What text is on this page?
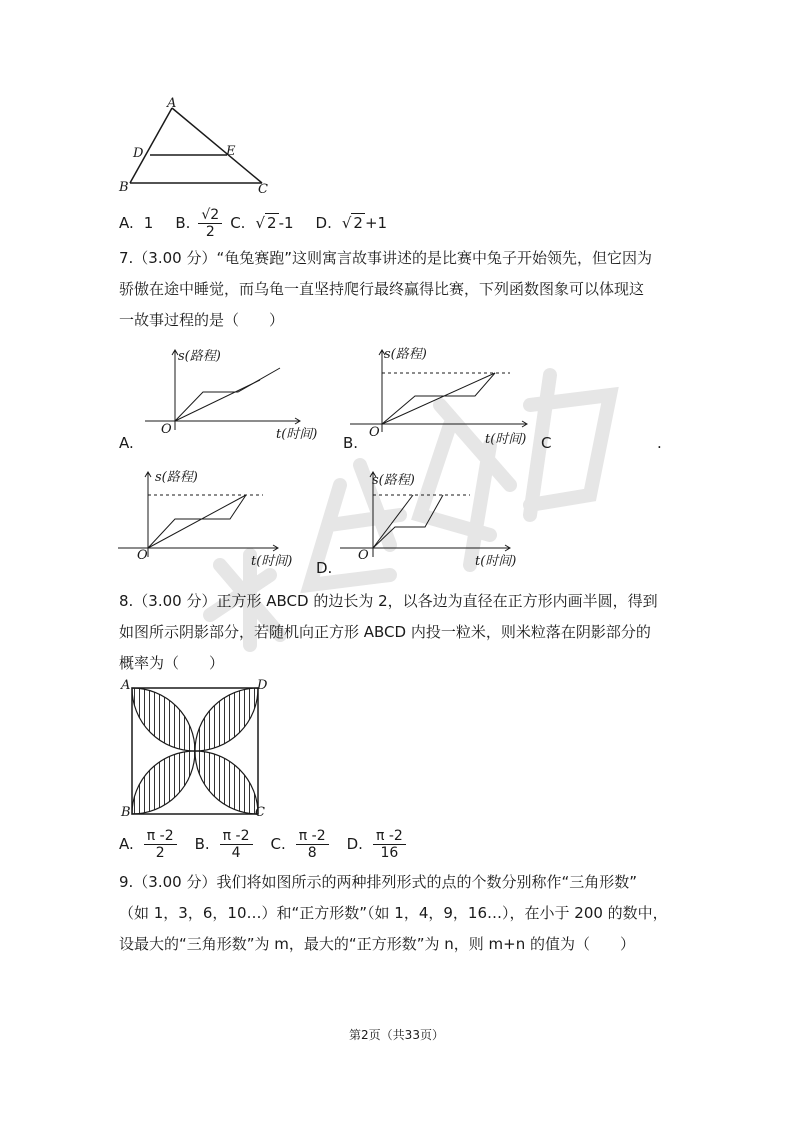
A
D	E
B	C
A. 1 B. $\frac{√2}{2} C$. √ 2 -1 D. √ 2 +1
7.（3.00 分）“龟兔赛跑”这则寓言故事讲述的是比赛中兔子开始领先，但它因为
骄傲在途中睡觉，而乌龟一直坚持爬行最终赢得比赛，下列函数图象可以体现这
一故事过程的是（　　）
s(路程)
O	t(时间)
A.
s(路程)
O	t(时间)
B.	C	.
s(路程)
O	t(时间)
s(路程)
O	t(时间)
D.
8.（3.00 分）正方形 ABCD 的边长为 2，以各边为直径在正方形内画半圆，得到
如图所示阴影部分，若随机向正方形 ABCD 内投一粒米，则米粒落在阴影部分的
概率为（　　）
A	D
B	C
A. $\frac{\pi -2}{2} B$. $\frac{\pi -2}{4} C$. $\frac{\pi -2}{8} D$. $\frac{\pi -2}{16}$
9.（3.00 分）我们将如图所示的两种排列形式的点的个数分别称作“三角形数”
（如 1，3，6，10…）和“正方形数”（如 1，4，9，16…），在小于 200 的数中，
设最大的“三角形数”为 m，最大的“正方形数”为 n，则 m+n 的值为（　　）
第2页（共33页）
